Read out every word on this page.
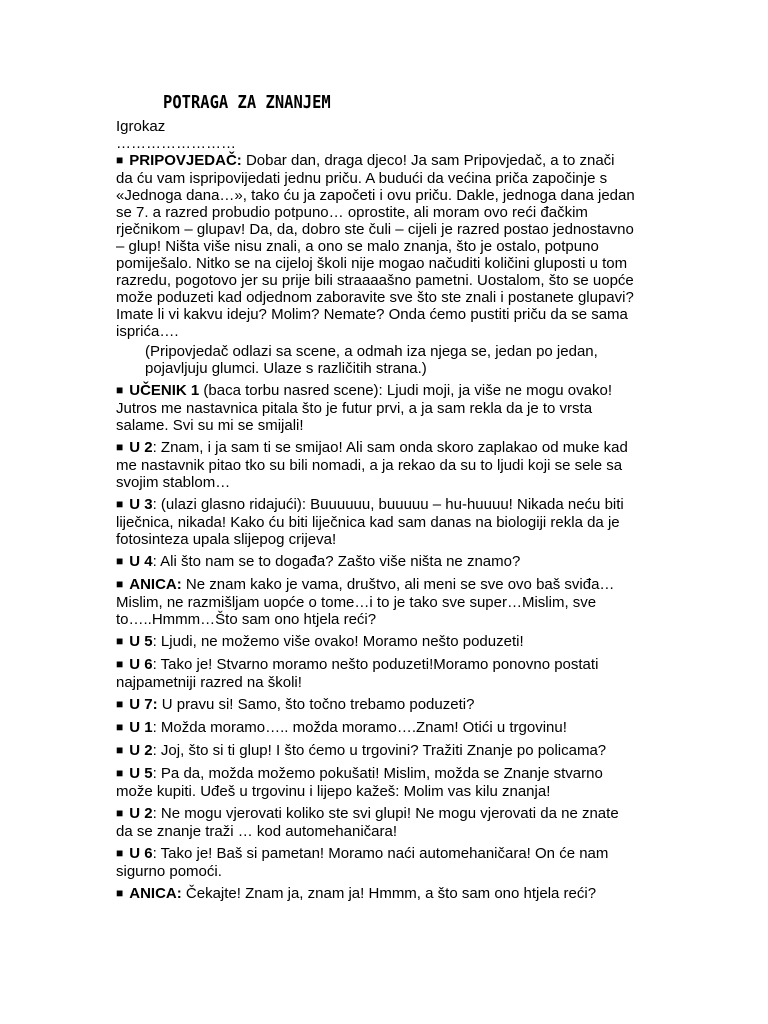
POTRAGA ZA ZNANJEM
Igrokaz
……………………
■ PRIPOVJEDAČ: Dobar dan, draga djeco! Ja sam Pripovjedač, a to znači
da ću vam ispripovijedati jednu priču. A budući da većina priča započinje s
«Jednoga dana…», tako ću ja započeti i ovu priču. Dakle, jednoga dana jedan
se 7. a razred probudio potpuno… oprostite, ali moram ovo reći đačkim
rječnikom – glupav! Da, da, dobro ste čuli – cijeli je razred postao jednostavno
– glup! Ništa više nisu znali, a ono se malo znanja, što je ostalo, potpuno
pomiješalo. Nitko se na cijeloj školi nije mogao načuditi količini gluposti u tom
razredu, pogotovo jer su prije bili straaaašno pametni. Uostalom, što se uopće
može poduzeti kad odjednom zaboravite sve što ste znali i postanete glupavi?
Imate li vi kakvu ideju? Molim? Nemate? Onda ćemo pustiti priču da se sama
isprića….
(Pripovjedač odlazi sa scene, a odmah iza njega se, jedan po jedan,
pojavljuju glumci. Ulaze s različitih strana.)
■ UČENIK 1 (baca torbu nasred scene): Ljudi moji, ja više ne mogu ovako!
Jutros me nastavnica pitala što je futur prvi, a ja sam rekla da je to vrsta
salame. Svi su mi se smijali!
■ U 2: Znam, i ja sam ti se smijao! Ali sam onda skoro zaplakao od muke kad
me nastavnik pitao tko su bili nomadi, a ja rekao da su to ljudi koji se sele sa
svojim stablom…
■ U 3: (ulazi glasno ridajući): Buuuuuu, buuuuu – hu-huuuu! Nikada neću biti
liječnica, nikada! Kako ću biti liječnica kad sam danas na biologiji rekla da je
fotosinteza upala slijepog crijeva!
■ U 4: Ali što nam se to događa? Zašto više ništa ne znamo?
■ ANICA: Ne znam kako je vama, društvo, ali meni se sve ovo baš sviđa…
Mislim, ne razmišljam uopće o tome…i to je tako sve super…Mislim, sve
to…..Hmmm…Što sam ono htjela reći?
■ U 5: Ljudi, ne možemo više ovako! Moramo nešto poduzeti!
■ U 6: Tako je! Stvarno moramo nešto poduzeti!Moramo ponovno postati
najpametniji razred na školi!
■ U 7: U pravu si! Samo, što točno trebamo poduzeti?
■ U 1: Možda moramo….. možda moramo….Znam! Otići u trgovinu!
■ U 2: Joj, što si ti glup! I što ćemo u trgovini? Tražiti Znanje po policama?
■ U 5: Pa da, možda možemo pokušati! Mislim, možda se Znanje stvarno
može kupiti. Uđeš u trgovinu i lijepo kažeš: Molim vas kilu znanja!
■ U 2: Ne mogu vjerovati koliko ste svi glupi! Ne mogu vjerovati da ne znate
da se znanje traži … kod automehaničara!
■ U 6: Tako je! Baš si pametan! Moramo naći automehaničara! On će nam
sigurno pomoći.
■ ANICA: Čekajte! Znam ja, znam ja! Hmmm, a što sam ono htjela reći?
